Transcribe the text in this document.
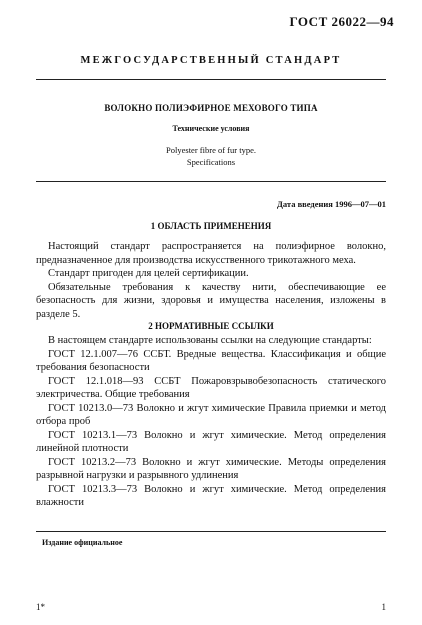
ГОСТ 26022—94
МЕЖГОСУДАРСТВЕННЫЙ СТАНДАРТ
ВОЛОКНО ПОЛИЭФИРНОЕ МЕХОВОГО ТИПА
Технические условия
Polyester fibre of fur type.
Specifications
Дата введения 1996—07—01
1 ОБЛАСТЬ ПРИМЕНЕНИЯ

Настоящий стандарт распространяется на полиэфирное волокно, предназначенное для производства искусственного трикотажного меха.

Стандарт пригоден для целей сертификации.

Обязательные требования к качеству нити, обеспечивающие ее безопасность для жизни, здоровья и имущества населения, изложены в разделе 5.

2 НОРМАТИВНЫЕ ССЫЛКИ

В настоящем стандарте использованы ссылки на следующие стандарты:

ГОСТ 12.1.007—76 ССБТ. Вредные вещества. Классификация и общие требования безопасности

ГОСТ 12.1.018—93 ССБТ Пожаровзрывобезопасность статического электричества. Общие требования

ГОСТ 10213.0—73 Волокно и жгут химические Правила приемки и метод отбора проб

ГОСТ 10213.1—73 Волокно и жгут химические. Метод определения линейной плотности

ГОСТ 10213.2—73 Волокно и жгут химические. Методы определения разрывной нагрузки и разрывного удлинения

ГОСТ 10213.3—73 Волокно и жгут химические. Метод определения влажности

Издание официальное
1*	1
